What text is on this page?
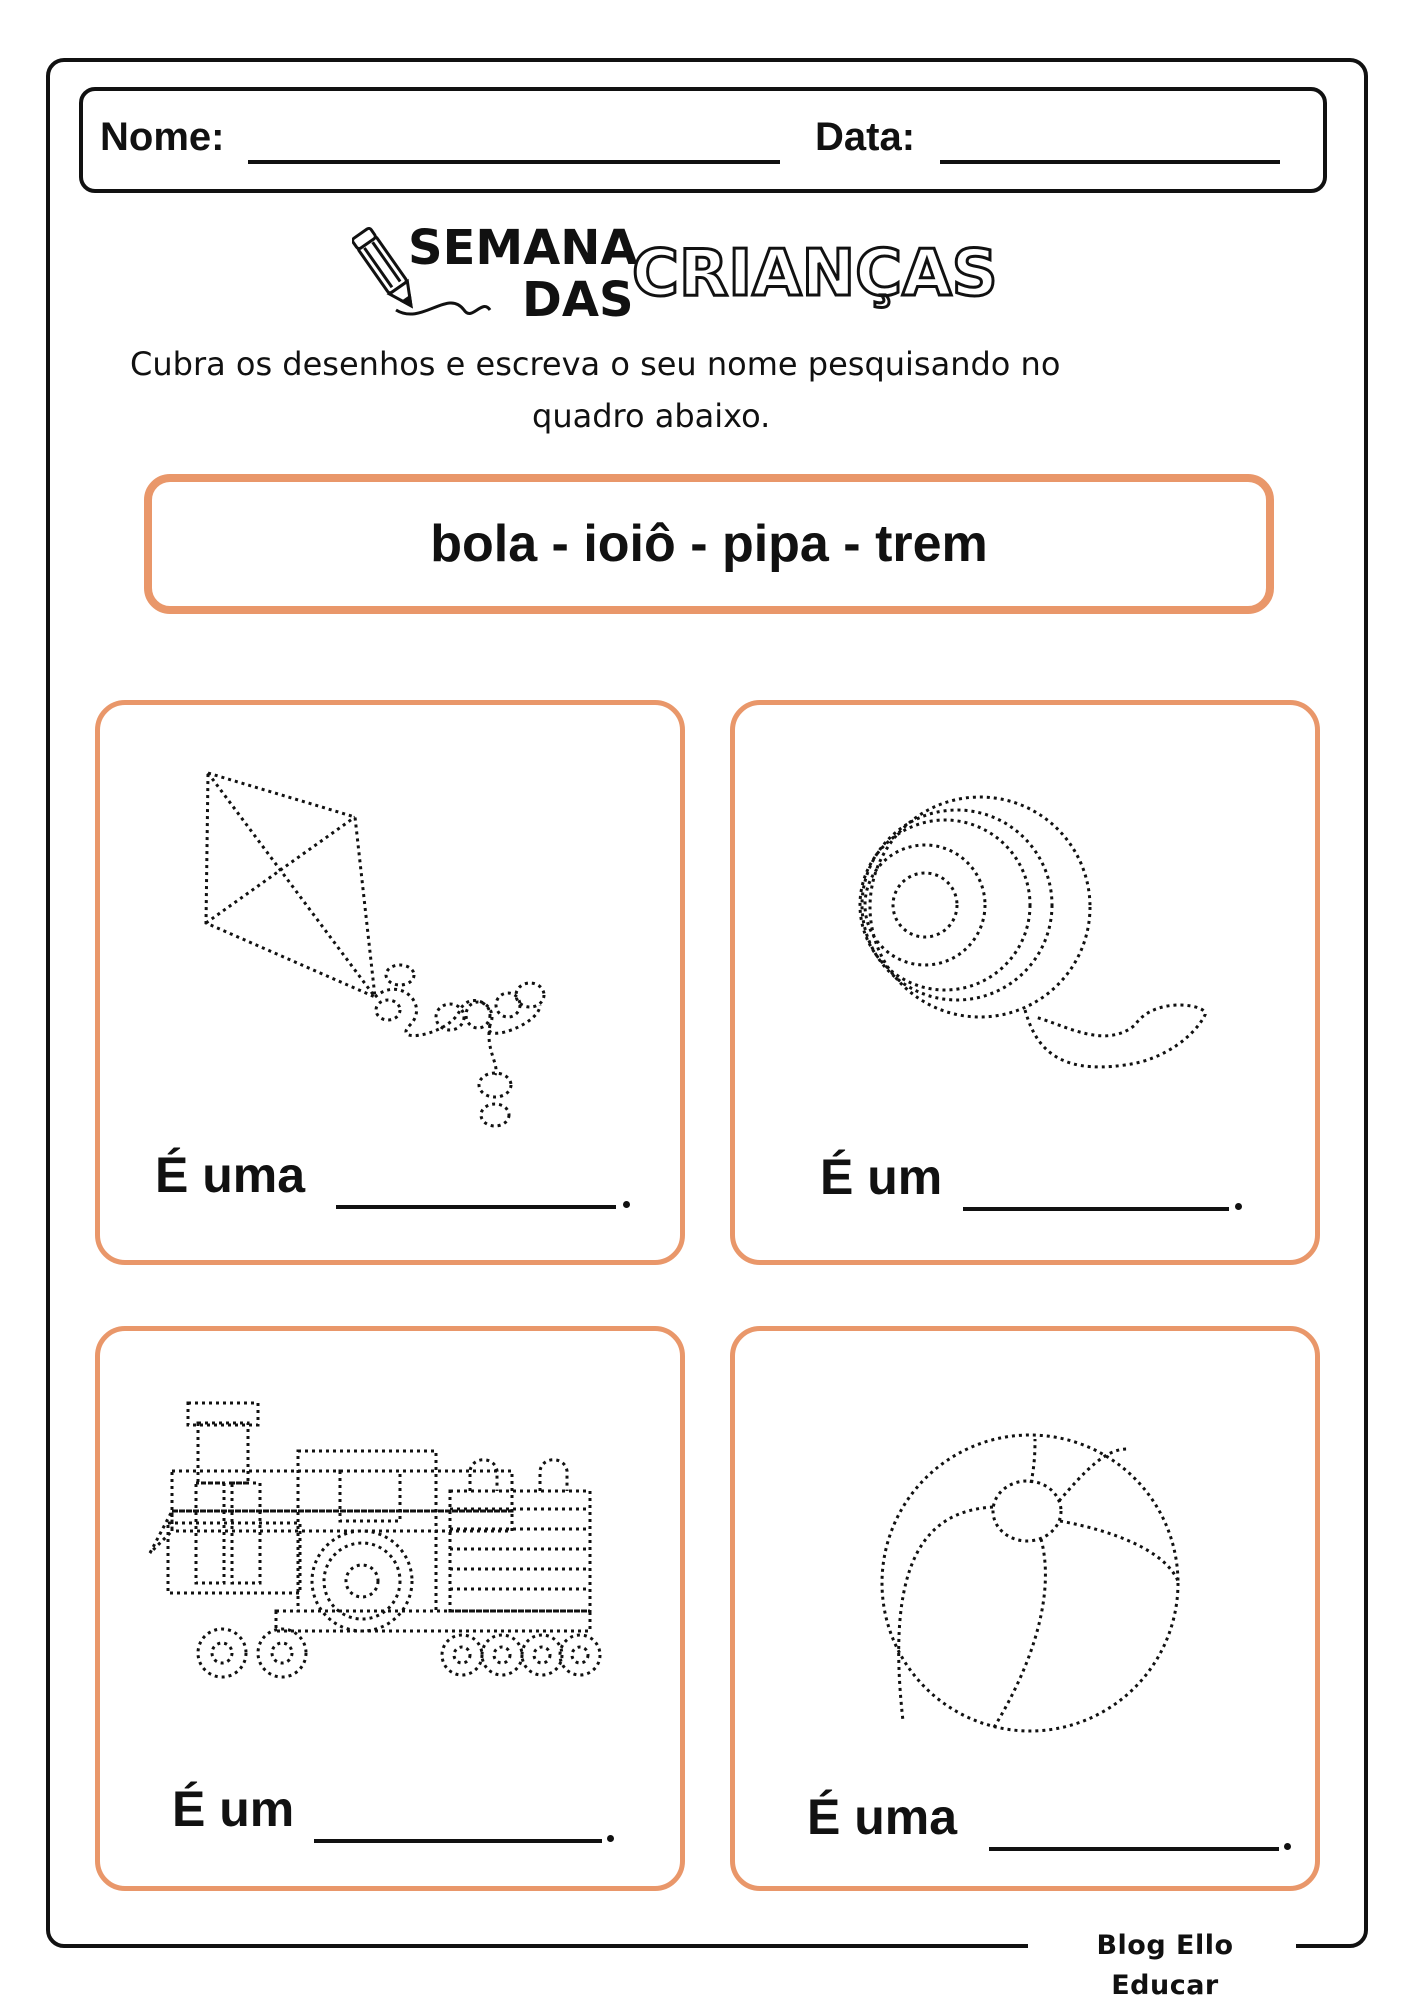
Blog Ello Educar
Nome:	Data:
SEMANA
DAS
CRIANÇAS
Cubra os desenhos e escreva o seu nome pesquisando no
quadro abaixo.
bola - ioiô - pipa - trem
É uma	É um
É um	É uma
